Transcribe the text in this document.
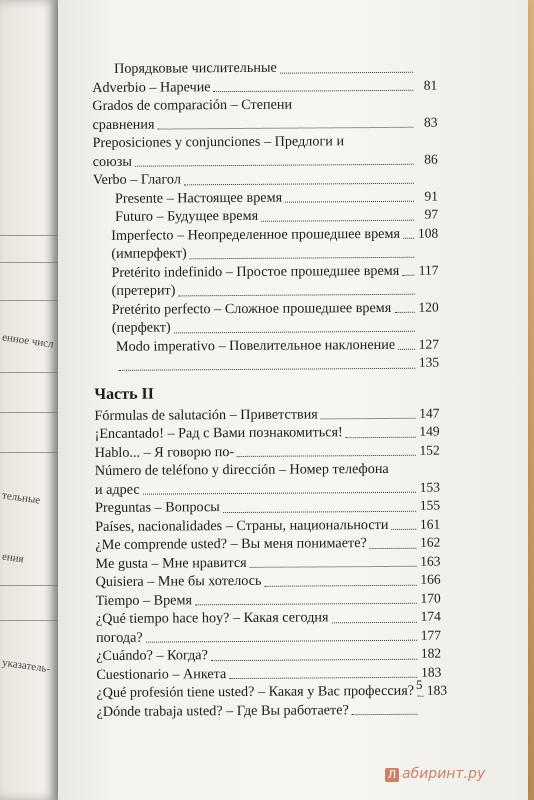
енное числ
тельные
ения
указатель-
Порядковые числительные
Adverbio – Наречие	81
Grados de comparación – Степени
сравнения	83
Preposiciones y conjunciones – Предлоги и
союзы	86
Verbo – Глагол
Presente – Настоящее время	91
Futuro – Будущее время	97
Imperfecto – Неопределенное прошедшее время 108
(имперфект)
Pretérito indefinido – Простое прошедшее время 117
(претерит)
Pretérito perfecto – Сложное прошедшее время 120
(перфект)
Modo imperativo – Повелительное наклонение 127
135
Часть II
Fórmulas de salutación – Приветствия	147
¡Encantado! – Рад с Вами познакомиться!	149
Hablo... – Я говорю по-	152
Número de teléfono y dirección – Номер телефона
и адрес	153
Preguntas – Вопросы	155
Países, nacionalidades – Страны, национальности 161
¿Me comprende usted? – Вы меня понимаете?	162
Me gusta – Мне нравится	163
Quisiera – Мне бы хотелось	166
Tiempo – Время	170
¿Qué tiempo hace hoy? – Какая сегодня	174
погода?	177
¿Cuándo? – Когда?	182
Cuestionario – Анкета	183
¿Qué profesión tiene usted? – Какая у Вас профессия? 183
¿Dónde trabaja usted? – Где Вы работаете?
5
Л абиринт.ру
